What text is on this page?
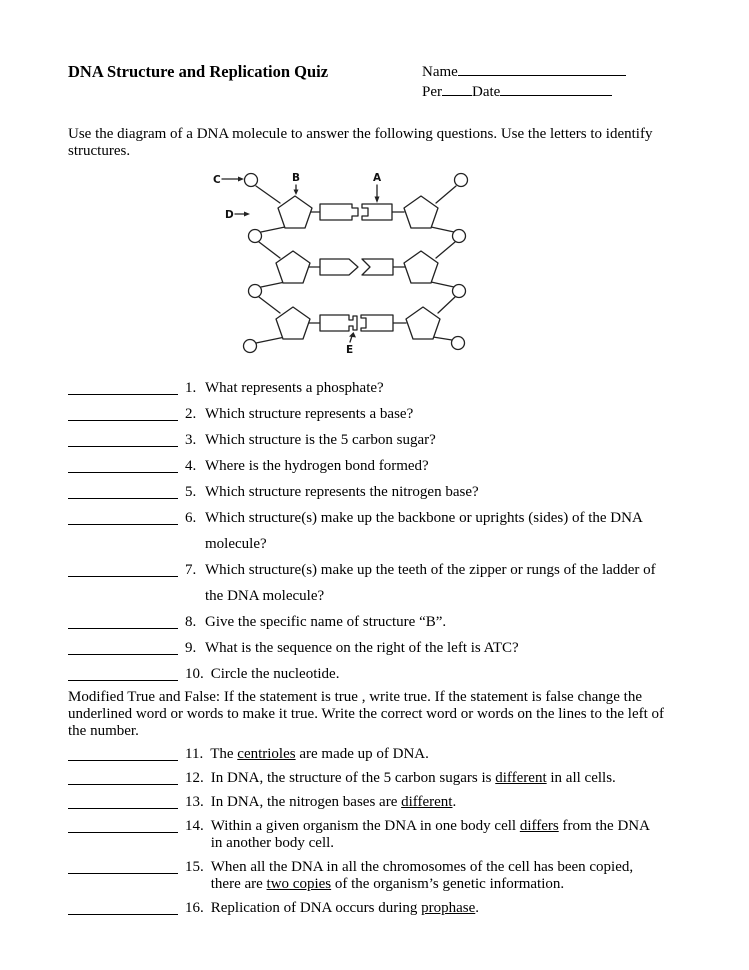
DNA Structure and Replication Quiz	Name
Per Date

Use the diagram of a DNA molecule to answer the following questions. Use the letters to identify structures.

C	B	A
D
E
1. What represents a phosphate?
2. Which structure represents a base?
3. Which structure is the 5 carbon sugar?
4. Where is the hydrogen bond formed?
5. Which structure represents the nitrogen base?
6. Which structure(s) make up the backbone or uprights (sides) of the DNA molecule?
7. Which structure(s) make up the teeth of the zipper or rungs of the ladder of the DNA molecule?
8. Give the specific name of structure “B”.
9. What is the sequence on the right of the left is ATC?
10. Circle the nucleotide.

Modified True and False: If the statement is true , write true. If the statement is false change the underlined word or words to make it true. Write the correct word or words on the lines to the left of the number.

11. The centrioles are made up of DNA.
12. In DNA, the structure of the 5 carbon sugars is different in all cells.
13. In DNA, the nitrogen bases are different.
14. Within a given organism the DNA in one body cell differs from the DNA in another body cell.
15. When all the DNA in all the chromosomes of the cell has been copied, there are two copies of the organism’s genetic information.
16. Replication of DNA occurs during prophase.
